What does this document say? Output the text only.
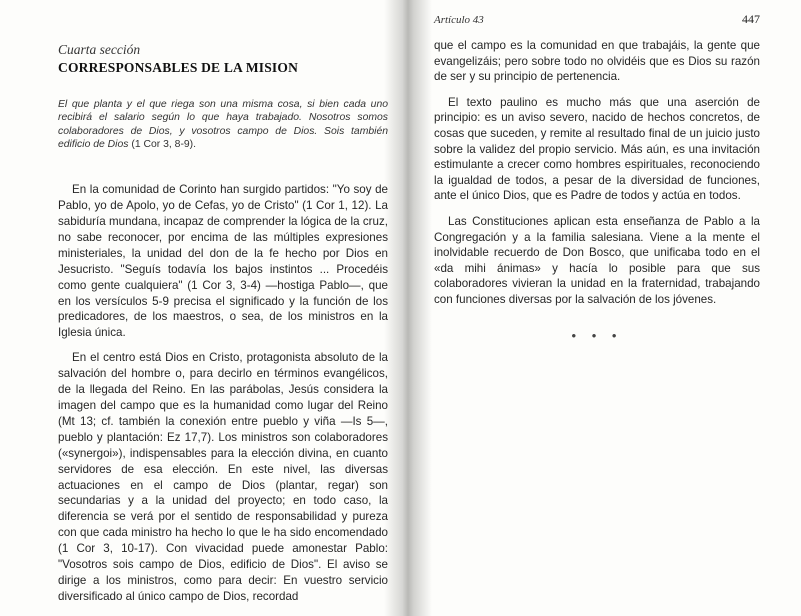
Cuarta sección
CORRESPONSABLES DE LA MISION
El que planta y el que riega son una misma cosa, si bien cada uno recibirá el salario según lo que haya trabajado. Nosotros somos colaboradores de Dios, y vosotros campo de Dios. Sois también edificio de Dios (1 Cor 3, 8-9).

En la comunidad de Corinto han surgido partidos: "Yo soy de Pablo, yo de Apolo, yo de Cefas, yo de Cristo" (1 Cor 1, 12). La sabiduría mundana, incapaz de comprender la lógica de la cruz, no sabe reconocer, por encima de las múltiples expresiones ministeriales, la unidad del don de la fe hecho por Dios en Jesucristo. "Seguís todavía los bajos instintos ... Procedéis como gente cualquiera" (1 Cor 3, 3-4) —hostiga Pablo—, que en los versículos 5-9 precisa el significado y la función de los predicadores, de los maestros, o sea, de los ministros en la Iglesia única.

En el centro está Dios en Cristo, protagonista absoluto de la salvación del hombre o, para decirlo en términos evangélicos, de la llegada del Reino. En las parábolas, Jesús considera la imagen del campo que es la humanidad como lugar del Reino (Mt 13; cf. también la conexión entre pueblo y viña —Is 5—, pueblo y plantación: Ez 17,7). Los ministros son colaboradores («synergoi»), indispensables para la elección divina, en cuanto servidores de esa elección. En este nivel, las diversas actuaciones en el campo de Dios (plantar, regar) son secundarias y a la unidad del proyecto; en todo caso, la diferencia se verá por el sentido de responsabilidad y pureza con que cada ministro ha hecho lo que le ha sido encomendado (1 Cor 3, 10-17). Con vivacidad puede amonestar Pablo: "Vosotros sois campo de Dios, edificio de Dios". El aviso se dirige a los ministros, como para decir: En vuestro servicio diversificado al único campo de Dios, recordad

Artículo 43	447

que el campo es la comunidad en que trabajáis, la gente que evangelizáis; pero sobre todo no olvidéis que es Dios su razón de ser y su principio de pertenencia.

El texto paulino es mucho más que una aserción de principio: es un aviso severo, nacido de hechos concretos, de cosas que suceden, y remite al resultado final de un juicio justo sobre la validez del propio servicio. Más aún, es una invitación estimulante a crecer como hombres espirituales, reconociendo la igualdad de todos, a pesar de la diversidad de funciones, ante el único Dios, que es Padre de todos y actúa en todos.

Las Constituciones aplican esta enseñanza de Pablo a la Congregación y a la familia salesiana. Viene a la mente el inolvidable recuerdo de Don Bosco, que unificaba todo en el «da mihi ánimas» y hacía lo posible para que sus colaboradores vivieran la unidad en la fraternidad, trabajando con funciones diversas por la salvación de los jóvenes.

• • •
